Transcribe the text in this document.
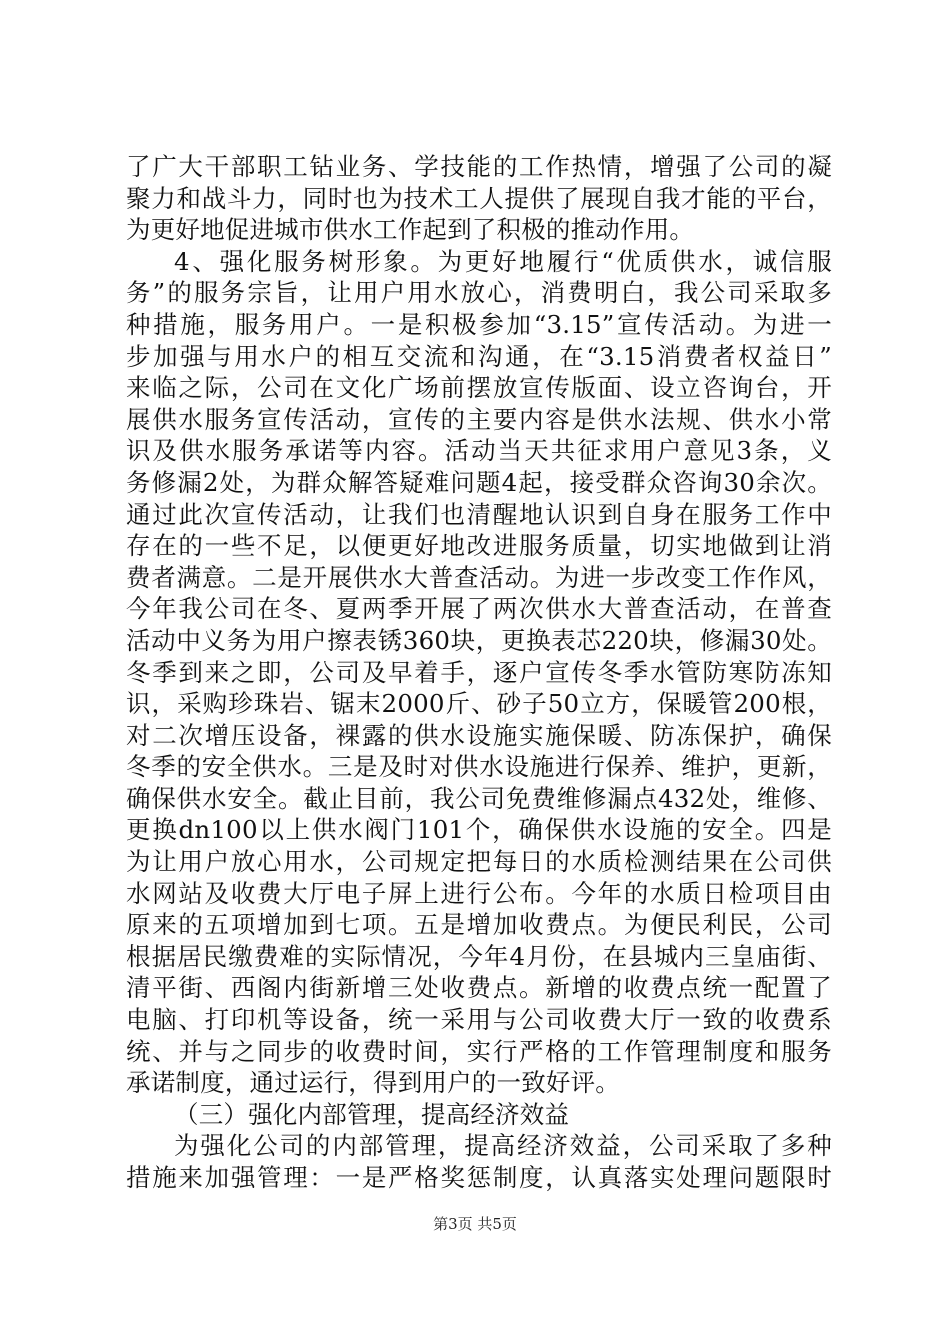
了广大干部职工钻业务、学技能的工作热情，增强了公司的凝
聚力和战斗力，同时也为技术工人提供了展现自我才能的平台，
为更好地促进城市供水工作起到了积极的推动作用。
4、强化服务树形象。为更好地履行“优质供水，诚信服
务”的服务宗旨，让用户用水放心，消费明白，我公司采取多
种措施，服务用户。一是积极参加“3.15”宣传活动。为进一
步加强与用水户的相互交流和沟通，在“3.15消费者权益日”
来临之际，公司在文化广场前摆放宣传版面、设立咨询台，开
展供水服务宣传活动，宣传的主要内容是供水法规、供水小常
识及供水服务承诺等内容。活动当天共征求用户意见3条，义
务修漏2处，为群众解答疑难问题4起，接受群众咨询30余次。
通过此次宣传活动，让我们也清醒地认识到自身在服务工作中
存在的一些不足，以便更好地改进服务质量，切实地做到让消
费者满意。二是开展供水大普查活动。为进一步改变工作作风，
今年我公司在冬、夏两季开展了两次供水大普查活动，在普查
活动中义务为用户擦表锈360块，更换表芯220块，修漏30处。
冬季到来之即，公司及早着手，逐户宣传冬季水管防寒防冻知
识，采购珍珠岩、锯末2000斤、砂子50立方，保暖管200根，
对二次增压设备，裸露的供水设施实施保暖、防冻保护，确保
冬季的安全供水。三是及时对供水设施进行保养、维护，更新，
确保供水安全。截止目前，我公司免费维修漏点432处，维修、
更换dn100以上供水阀门101个，确保供水设施的安全。四是
为让用户放心用水，公司规定把每日的水质检测结果在公司供
水网站及收费大厅电子屏上进行公布。今年的水质日检项目由
原来的五项增加到七项。五是增加收费点。为便民利民，公司
根据居民缴费难的实际情况，今年4月份，在县城内三皇庙街、
清平街、西阁内街新增三处收费点。新增的收费点统一配置了
电脑、打印机等设备，统一采用与公司收费大厅一致的收费系
统、并与之同步的收费时间，实行严格的工作管理制度和服务
承诺制度，通过运行，得到用户的一致好评。
（三）强化内部管理，提高经济效益
为强化公司的内部管理，提高经济效益，公司采取了多种
措施来加强管理：一是严格奖惩制度，认真落实处理问题限时
第3页 共5页
